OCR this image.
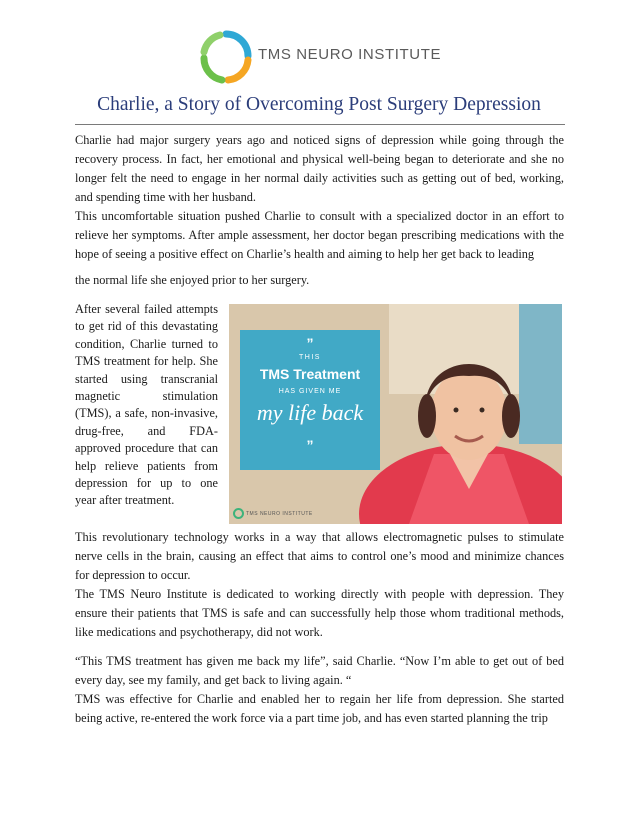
TMS NEURO INSTITUTE
Charlie, a Story of Overcoming Post Surgery Depression

Charlie had major surgery years ago and noticed signs of depression while going through the recovery process. In fact, her emotional and physical well-being began to deteriorate and she no longer felt the need to engage in her normal daily activities such as getting out of bed, working, and spending time with her husband.

This uncomfortable situation pushed Charlie to consult with a specialized doctor in an effort to relieve her symptoms. After ample assessment, her doctor began prescribing medications with the hope of seeing a positive effect on Charlie’s health and aiming to help her get back to leading

the normal life she enjoyed prior to her surgery.

After several failed attempts to get rid of this devastating condition, Charlie turned to TMS treatment for help. She started using transcranial magnetic stimulation (TMS), a safe, non-invasive, drug-free, and FDA-approved procedure that can help relieve patients from depression for up to one year after treatment.

”
THIS
TMS Treatment
HAS GIVEN ME
my life back
”
TMS NEURO INSTITUTE

This revolutionary technology works in a way that allows electromagnetic pulses to stimulate nerve cells in the brain, causing an effect that aims to control one’s mood and minimize chances for depression to occur.

The TMS Neuro Institute is dedicated to working directly with people with depression. They ensure their patients that TMS is safe and can successfully help those whom traditional methods, like medications and psychotherapy, did not work.

“This TMS treatment has given me back my life”, said Charlie. “Now I’m able to get out of bed every day, see my family, and get back to living again. “

TMS was effective for Charlie and enabled her to regain her life from depression. She started being active, re-entered the work force via a part time job, and has even started planning the trip
